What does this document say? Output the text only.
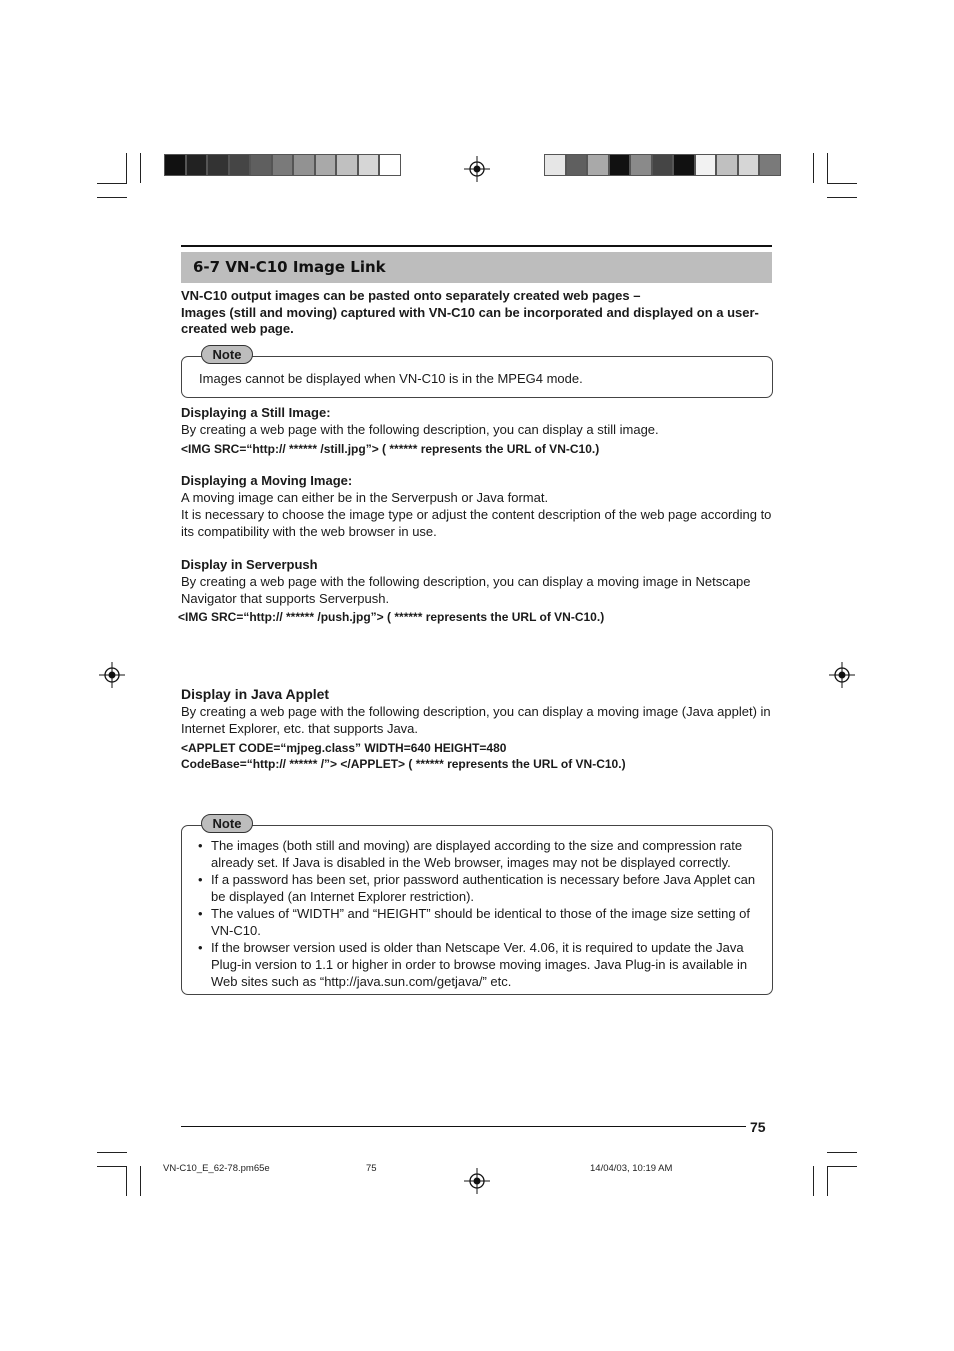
6-7 VN-C10 Image Link

VN-C10 output images can be pasted onto separately created web pages –

Images (still and moving) captured with VN-C10 can be incorporated and displayed on a user-created web page.

Note
Images cannot be displayed when VN-C10 is in the MPEG4 mode.

Displaying a Still Image:

By creating a web page with the following description, you can display a still image.

<IMG SRC=“http:// ****** /still.jpg”> ( ****** represents the URL of VN-C10.)

Displaying a Moving Image:

A moving image can either be in the Serverpush or Java format.

It is necessary to choose the image type or adjust the content description of the web page according to its compatibility with the web browser in use.

Display in Serverpush

By creating a web page with the following description, you can display a moving image in Netscape Navigator that supports Serverpush.

<IMG SRC=“http:// ****** /push.jpg”> ( ****** represents the URL of VN-C10.)

Display in Java Applet

By creating a web page with the following description, you can display a moving image (Java applet) in Internet Explorer, etc. that supports Java.

<APPLET CODE=“mjpeg.class” WIDTH=640 HEIGHT=480

CodeBase=“http:// ****** /”> </APPLET> ( ****** represents the URL of VN-C10.)

Note
• The images (both still and moving) are displayed according to the size and compression rate already set. If Java is disabled in the Web browser, images may not be displayed correctly.
• If a password has been set, prior password authentication is necessary before Java Applet can be displayed (an Internet Explorer restriction).
• The values of “WIDTH” and “HEIGHT” should be identical to those of the image size setting of VN-C10.
• If the browser version used is older than Netscape Ver. 4.06, it is required to update the Java Plug-in version to 1.1 or higher in order to browse moving images. Java Plug-in is available in Web sites such as “http://java.sun.com/getjava/” etc.
75
VN-C10_E_62-78.pm65e	75	14/04/03, 10:19 AM
